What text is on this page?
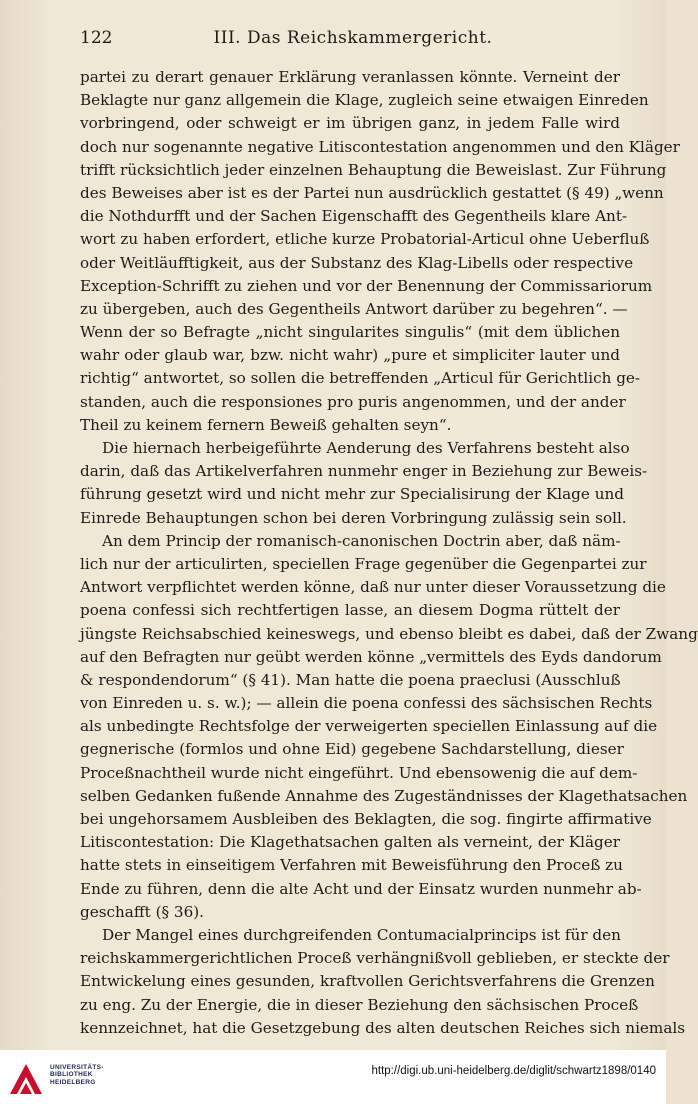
122	III. Das Reichskammergericht.
partei zu derart genauer Erklärung veranlassen könnte. Verneint der
Beklagte nur ganz allgemein die Klage, zugleich seine etwaigen Einreden
vorbringend, oder schweigt er im übrigen ganz, in jedem Falle wird
doch nur sogenannte negative Litiscontestation angenommen und den Kläger
trifft rücksichtlich jeder einzelnen Behauptung die Beweislast. Zur Führung
des Beweises aber ist es der Partei nun ausdrücklich gestattet (§ 49) „wenn
die Nothdurfft und der Sachen Eigenschafft des Gegentheils klare Ant-
wort zu haben erfordert, etliche kurze Probatorial-Articul ohne Ueberfluß
oder Weitläufftigkeit, aus der Substanz des Klag-Libells oder respective
Exception-Schrifft zu ziehen und vor der Benennung der Commissariorum
zu übergeben, auch des Gegentheils Antwort darüber zu begehren“. —
Wenn der so Befragte „nicht singularites singulis“ (mit dem üblichen
wahr oder glaub war, bzw. nicht wahr) „pure et simpliciter lauter und
richtig“ antwortet, so sollen die betreffenden „Articul für Gerichtlich ge-
standen, auch die responsiones pro puris angenommen, und der ander
Theil zu keinem fernern Beweiß gehalten seyn“.
Die hiernach herbeigeführte Aenderung des Verfahrens besteht also
darin, daß das Artikelverfahren nunmehr enger in Beziehung zur Beweis-
führung gesetzt wird und nicht mehr zur Specialisirung der Klage und
Einrede Behauptungen schon bei deren Vorbringung zulässig sein soll.
An dem Princip der romanisch-canonischen Doctrin aber, daß näm-
lich nur der articulirten, speciellen Frage gegenüber die Gegenpartei zur
Antwort verpflichtet werden könne, daß nur unter dieser Voraussetzung die
poena confessi sich rechtfertigen lasse, an diesem Dogma rüttelt der
jüngste Reichsabschied keineswegs, und ebenso bleibt es dabei, daß der Zwang
auf den Befragten nur geübt werden könne „vermittels des Eyds dandorum
& respondendorum“ (§ 41). Man hatte die poena praeclusi (Ausschluß
von Einreden u. s. w.); — allein die poena confessi des sächsischen Rechts
als unbedingte Rechtsfolge der verweigerten speciellen Einlassung auf die
gegnerische (formlos und ohne Eid) gegebene Sachdarstellung, dieser
Proceßnachtheil wurde nicht eingeführt. Und ebensowenig die auf dem-
selben Gedanken fußende Annahme des Zugeständnisses der Klagethatsachen
bei ungehorsamem Ausbleiben des Beklagten, die sog. fingirte affirmative
Litiscontestation: Die Klagethatsachen galten als verneint, der Kläger
hatte stets in einseitigem Verfahren mit Beweisführung den Proceß zu
Ende zu führen, denn die alte Acht und der Einsatz wurden nunmehr ab-
geschafft (§ 36).
Der Mangel eines durchgreifenden Contumacialprincips ist für den
reichskammergerichtlichen Proceß verhängnißvoll geblieben, er steckte der
Entwickelung eines gesunden, kraftvollen Gerichtsverfahrens die Grenzen
zu eng. Zu der Energie, die in dieser Beziehung den sächsischen Proceß
kennzeichnet, hat die Gesetzgebung des alten deutschen Reiches sich niemals
UNIVERSITÄTS-
BIBLIOTHEK
HEIDELBERG
http://digi.ub.uni-heidelberg.de/diglit/schwartz1898/0140
